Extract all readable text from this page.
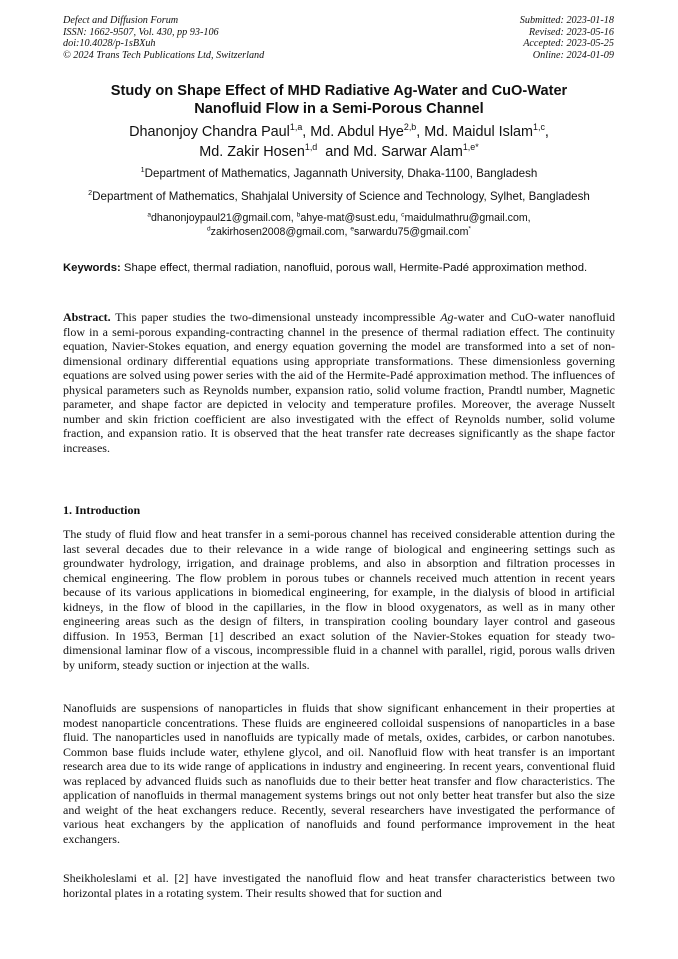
Defect and Diffusion Forum
ISSN: 1662-9507, Vol. 430, pp 93-106
doi:10.4028/p-1sBXuh
© 2024 Trans Tech Publications Ltd, Switzerland
Submitted: 2023-01-18
Revised: 2023-05-16
Accepted: 2023-05-25
Online: 2024-01-09
Study on Shape Effect of MHD Radiative Ag-Water and CuO-Water
Nanofluid Flow in a Semi-Porous Channel
Dhanonjoy Chandra Paul$^{1,a}$, Md. Abdul Hye$^{2,b}$, Md. Maidul Islam$^{1,c}$,
Md. Zakir Hosen$^{1,d}$ and Md. Sarwar Alam$^{1,e*}$
$^1$Department of Mathematics, Jagannath University, Dhaka-1100, Bangladesh
$^2$Department of Mathematics, Shahjalal University of Science and Technology, Sylhet, Bangladesh
$^a$dhanonjoypaul21@gmail.com, $^b$ahye-mat@sust.edu, $^c$maidulmathru@gmail.com,
$^d$zakirhosen2008@gmail.com, $^e$sarwardu75@gmail.com*
Keywords: Shape effect, thermal radiation, nanofluid, porous wall, Hermite-Padé approximation method.

Abstract. This paper studies the two-dimensional unsteady incompressible Ag-water and CuO-water nanofluid flow in a semi-porous expanding-contracting channel in the presence of thermal radiation effect. The continuity equation, Navier-Stokes equation, and energy equation governing the model are transformed into a set of non-dimensional ordinary differential equations using appropriate transformations. These dimensionless governing equations are solved using power series with the aid of the Hermite-Padé approximation method. The influences of physical parameters such as Reynolds number, expansion ratio, solid volume fraction, Prandtl number, Magnetic parameter, and shape factor are depicted in velocity and temperature profiles. Moreover, the average Nusselt number and skin friction coefficient are also investigated with the effect of Reynolds number, solid volume fraction, and expansion ratio. It is observed that the heat transfer rate decreases significantly as the shape factor increases.

1. Introduction

The study of fluid flow and heat transfer in a semi-porous channel has received considerable attention during the last several decades due to their relevance in a wide range of biological and engineering settings such as groundwater hydrology, irrigation, and drainage problems, and also in absorption and filtration processes in chemical engineering. The flow problem in porous tubes or channels received much attention in recent years because of its various applications in biomedical engineering, for example, in the dialysis of blood in artificial kidneys, in the flow of blood in the capillaries, in the flow in blood oxygenators, as well as in many other engineering areas such as the design of filters, in transpiration cooling boundary layer control and gaseous diffusion. In 1953, Berman [1] described an exact solution of the Navier-Stokes equation for steady two-dimensional laminar flow of a viscous, incompressible fluid in a channel with parallel, rigid, porous walls driven by uniform, steady suction or injection at the walls.

Nanofluids are suspensions of nanoparticles in fluids that show significant enhancement in their properties at modest nanoparticle concentrations. These fluids are engineered colloidal suspensions of nanoparticles in a base fluid. The nanoparticles used in nanofluids are typically made of metals, oxides, carbides, or carbon nanotubes. Common base fluids include water, ethylene glycol, and oil. Nanofluid flow with heat transfer is an important research area due to its wide range of applications in industry and engineering. In recent years, conventional fluid was replaced by advanced fluids such as nanofluids due to their better heat transfer and flow characteristics. The application of nanofluids in thermal management systems brings out not only better heat transfer but also the size and weight of the heat exchangers reduce. Recently, several researchers have investigated the performance of various heat exchangers by the application of nanofluids and found performance improvement in the heat exchangers.

Sheikholeslami et al. [2] have investigated the nanofluid flow and heat transfer characteristics between two horizontal plates in a rotating system. Their results showed that for suction and
